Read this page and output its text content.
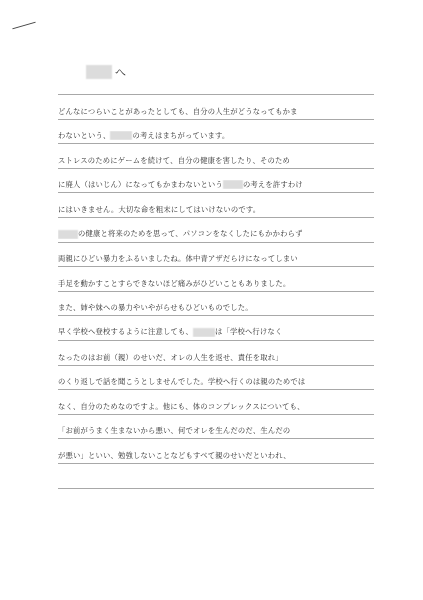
へ
どんなにつらいことがあったとしても、自分の人生がどうなってもかま
わないという、	の考えはまちがっています。
ストレスのためにゲームを続けて、自分の健康を害したり、そのため
に廃人（はいじん）になってもかまわないという	の考えを許すわけ
にはいきません。大切な命を粗末にしてはいけないのです。
の健康と将来のためを思って、パソコンをなくしたにもかかわらず
両親にひどい暴力をふるいましたね。体中青アザだらけになってしまい
手足を動かすことすらできないほど痛みがひどいこともありました。
また、姉や妹への暴力やいやがらせもひどいものでした。
早く学校へ登校するように注意しても、	は「学校へ行けなく
なったのはお前（親）のせいだ、オレの人生を返せ、責任を取れ」
のくり返しで話を聞こうとしませんでした。学校へ行くのは親のためでは
なく、自分のためなのですよ。他にも、体のコンプレックスについても、
「お前がうまく生まないから悪い、何でオレを生んだのだ、生んだの
が悪い」といい、勉強しないことなどもすべて親のせいだといわれ、
